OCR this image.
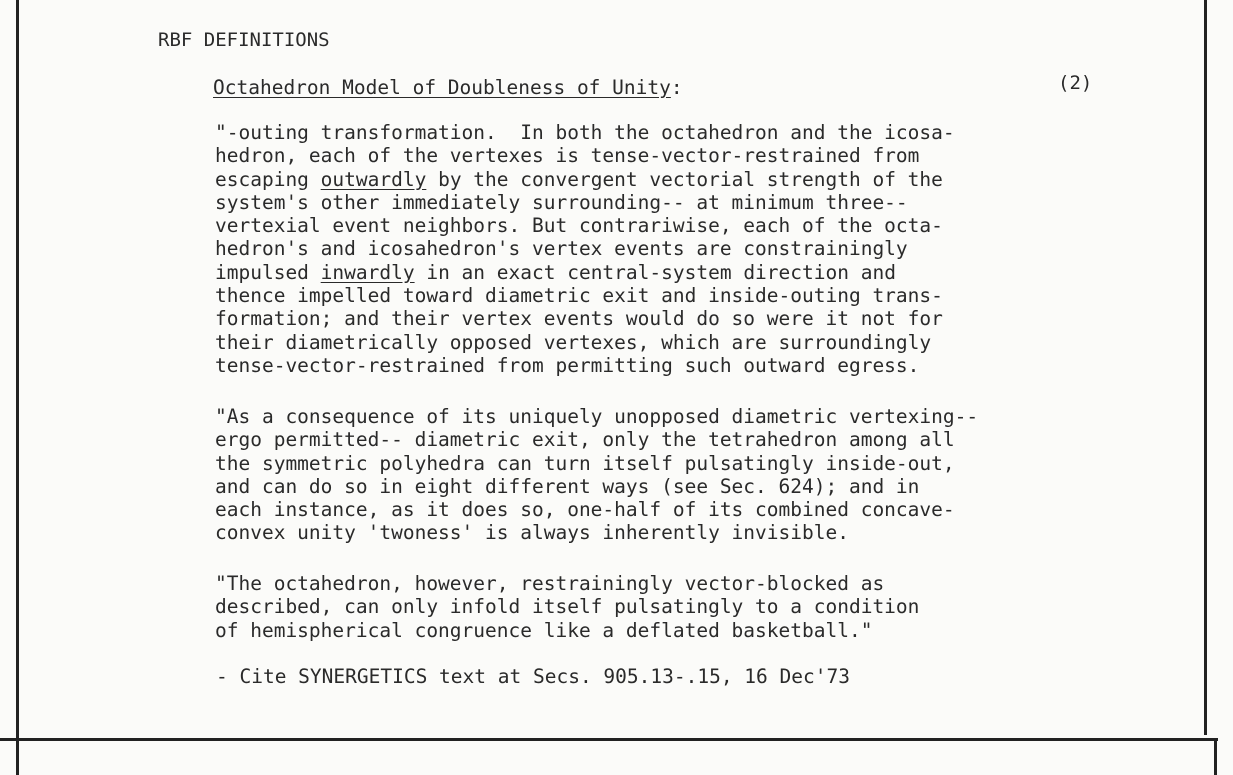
RBF DEFINITIONS
Octahedron Model of Doubleness of Unity:	(2)
"-outing transformation.  In both the octahedron and the icosa-
hedron, each of the vertexes is tense-vector-restrained from
escaping outwardly by the convergent vectorial strength of the
system's other immediately surrounding-- at minimum three--
vertexial event neighbors. But contrariwise, each of the octa-
hedron's and icosahedron's vertex events are constrainingly
impulsed inwardly in an exact central-system direction and
thence impelled toward diametric exit and inside-outing trans-
formation; and their vertex events would do so were it not for
their diametrically opposed vertexes, which are surroundingly
tense-vector-restrained from permitting such outward egress.
"As a consequence of its uniquely unopposed diametric vertexing--
ergo permitted-- diametric exit, only the tetrahedron among all
the symmetric polyhedra can turn itself pulsatingly inside-out,
and can do so in eight different ways (see Sec. 624); and in
each instance, as it does so, one-half of its combined concave-
convex unity 'twoness' is always inherently invisible.
"The octahedron, however, restrainingly vector-blocked as
described, can only infold itself pulsatingly to a condition
of hemispherical congruence like a deflated basketball."
- Cite SYNERGETICS text at Secs. 905.13-.15, 16 Dec'73
